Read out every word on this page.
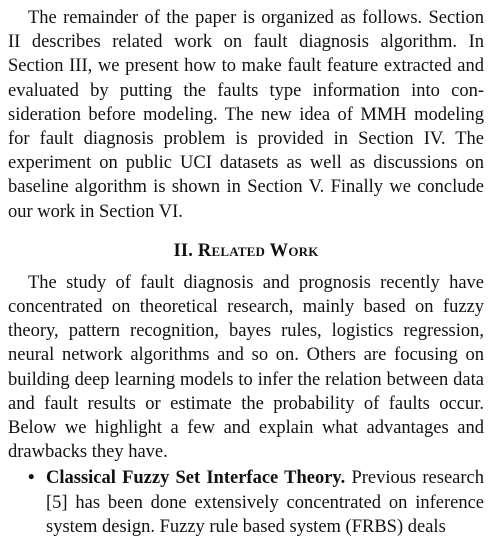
The remainder of the paper is organized as follows. Section II describes related work on fault diagnosis algorithm. In Section III, we present how to make fault feature extracted and evaluated by putting the faults type information into consideration before modeling. The new idea of MMH modeling for fault diagnosis problem is provided in Section IV. The experiment on public UCI datasets as well as discussions on baseline algorithm is shown in Section V. Finally we conclude our work in Section VI.

II. Related Work

The study of fault diagnosis and prognosis recently have concentrated on theoretical research, mainly based on fuzzy theory, pattern recognition, bayes rules, logistics regression, neural network algorithms and so on. Others are focusing on building deep learning models to infer the relation between data and fault results or estimate the probability of faults occur. Below we highlight a few and explain what advantages and drawbacks they have.

• Classical Fuzzy Set Interface Theory. Previous research [5] has been done extensively concentrated on inference system design. Fuzzy rule based system (FRBS) deals
